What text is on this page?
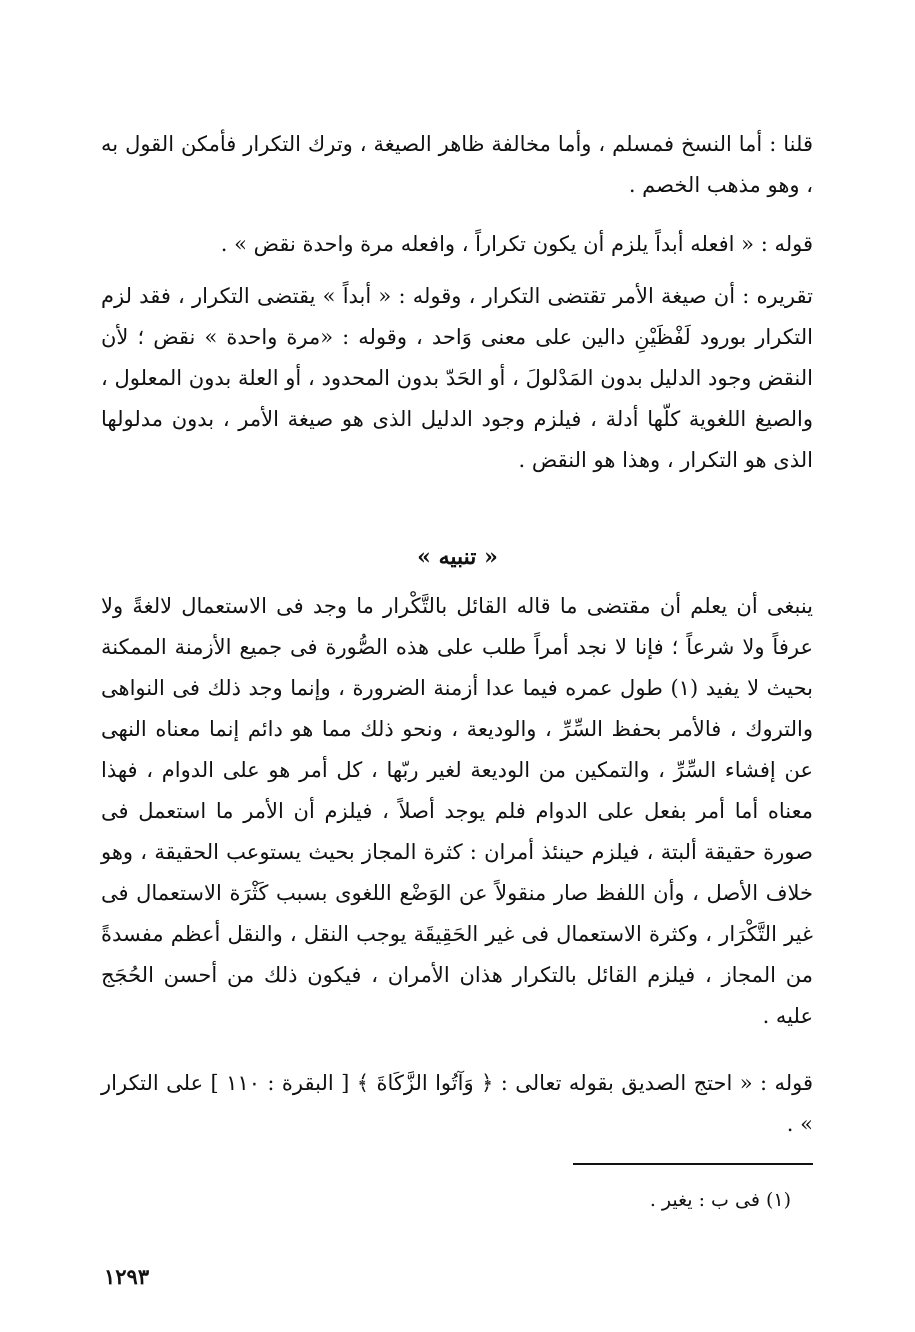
قلنا : أما النسخ فمسلم ، وأما مخالفة ظاهر الصيغة ، وترك التكرار فأمكن القول به ، وهو مذهب الخصم .

قوله : « افعله أبداً يلزم أن يكون تكراراً ، وافعله مرة واحدة نقض » .

تقريره : أن صيغة الأمر تقتضى التكرار ، وقوله : « أبداً » يقتضى التكرار ، فقد لزم التكرار بورود لَفْظَيْنِ دالين على معنى وَاحد ، وقوله : «مرة واحدة » نقض ؛ لأن النقض وجود الدليل بدون المَدْلولَ ، أو الحَدّ بدون المحدود ، أو العلة بدون المعلول ، والصيغ اللغوية كلّها أدلة ، فيلزم وجود الدليل الذى هو صيغة الأمر ، بدون مدلولها الذى هو التكرار ، وهذا هو النقض .

« تنبيه »

ينبغى أن يعلم أن مقتضى ما قاله القائل بالتَّكْرار ما وجد فى الاستعمال لالغةً ولا عرفاً ولا شرعاً ؛ فإنا لا نجد أمراً طلب على هذه الصُّورة فى جميع الأزمنة الممكنة بحيث لا يفيد (١) طول عمره فيما عدا أزمنة الضرورة ، وإنما وجد ذلك فى النواهى والتروك ، فالأمر بحفظ السِّرِّ ، والوديعة ، ونحو ذلك مما هو دائم إنما معناه النهى عن إفشاء السِّرِّ ، والتمكين من الوديعة لغير ربّها ، كل أمر هو على الدوام ، فهذا معناه أما أمر بفعل على الدوام فلم يوجد أصلاً ، فيلزم أن الأمر ما استعمل فى صورة حقيقة ألبتة ، فيلزم حينئذ أمران : كثرة المجاز بحيث يستوعب الحقيقة ، وهو خلاف الأصل ، وأن اللفظ صار منقولاً عن الوَضْع اللغوى بسبب كَثْرَة الاستعمال فى غير التَّكْرَار ، وكثرة الاستعمال فى غير الحَقِيقَة يوجب النقل ، والنقل أعظم مفسدةً من المجاز ، فيلزم القائل بالتكرار هذان الأمران ، فيكون ذلك من أحسن الحُجَج عليه .

قوله : « احتج الصديق بقوله تعالى : ﴿ وَآتُوا الزَّكَاةَ ﴾ [ البقرة : ١١٠ ] على التكرار » .

(١) فى ب : يغير .
١٢٩٣
